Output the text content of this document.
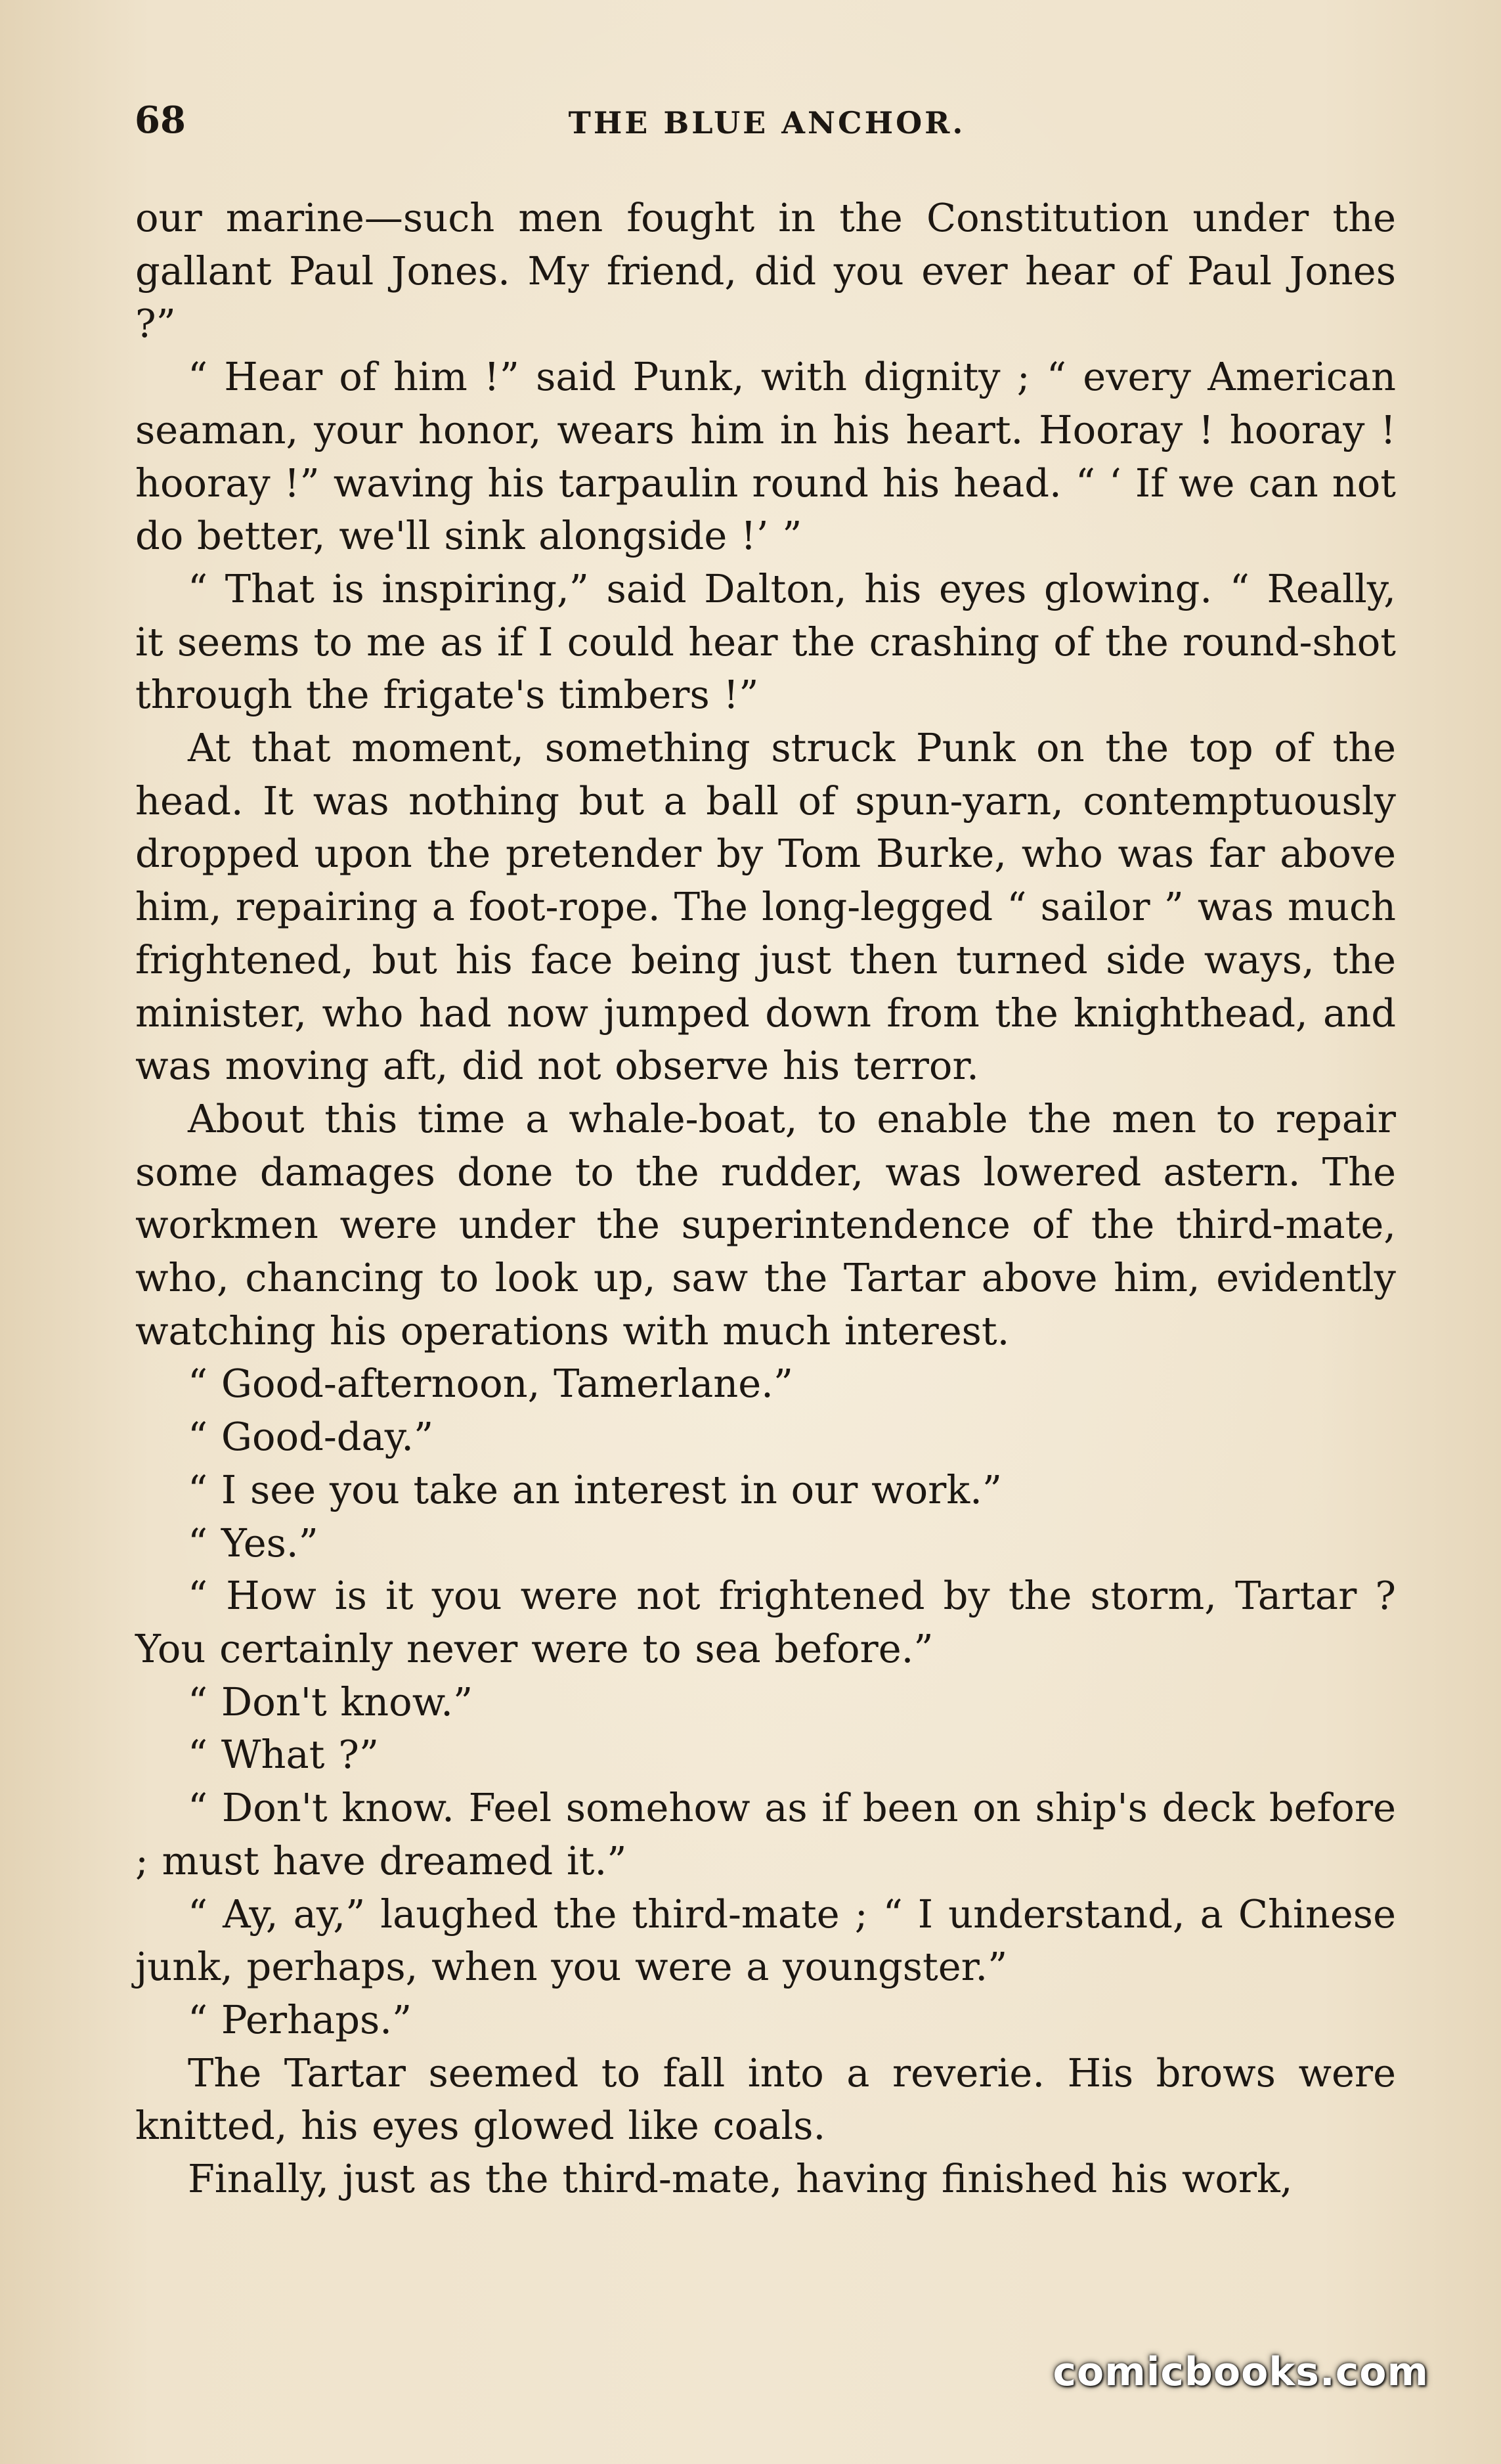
68	THE BLUE ANCHOR.

our marine—such men fought in the Constitution under the gallant Paul Jones. My friend, did you ever hear of Paul Jones ?”

“ Hear of him !” said Punk, with dignity ; “ every American seaman, your honor, wears him in his heart. Hooray ! hooray ! hooray !” waving his tarpaulin round his head. “ ‘ If we can not do better, we'll sink alongside !’ ”

“ That is inspiring,” said Dalton, his eyes glowing. “ Really, it seems to me as if I could hear the crashing of the round-shot through the frigate's timbers !”

At that moment, something struck Punk on the top of the head. It was nothing but a ball of spun-yarn, contemptuously dropped upon the pretender by Tom Burke, who was far above him, repairing a foot-rope. The long-legged “ sailor ” was much frightened, but his face being just then turned side ways, the minister, who had now jumped down from the knighthead, and was moving aft, did not observe his terror.

About this time a whale-boat, to enable the men to repair some damages done to the rudder, was lowered astern. The workmen were under the superintendence of the third-mate, who, chancing to look up, saw the Tartar above him, evidently watching his operations with much interest.

“ Good-afternoon, Tamerlane.”

“ Good-day.”

“ I see you take an interest in our work.”

“ Yes.”

“ How is it you were not frightened by the storm, Tartar ? You certainly never were to sea before.”

“ Don't know.”

“ What ?”

“ Don't know. Feel somehow as if been on ship's deck before ; must have dreamed it.”

“ Ay, ay,” laughed the third-mate ; “ I understand, a Chinese junk, perhaps, when you were a youngster.”

“ Perhaps.”

The Tartar seemed to fall into a reverie. His brows were knitted, his eyes glowed like coals.

Finally, just as the third-mate, having finished his work,

comicbooks.com
